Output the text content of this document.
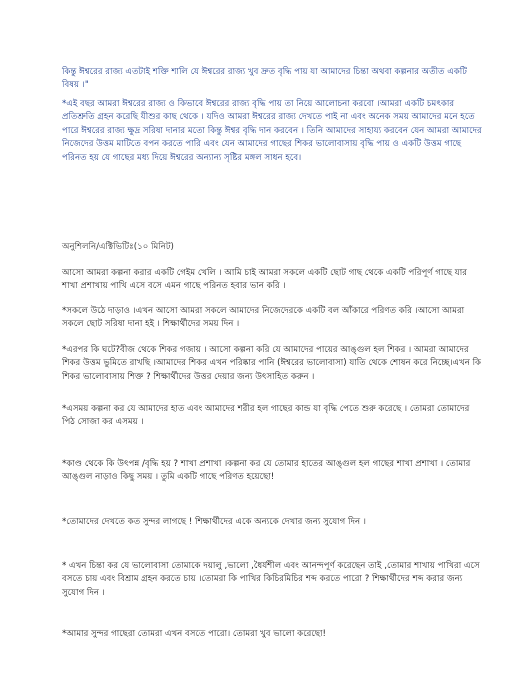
কিন্তু ঈশ্বরের রাজ্য এতটাই শক্তি শালি যে ঈশ্বরের রাজ্য খুব দ্রুত বৃদ্ধি পায় যা আমাদের চিন্তা অথবা কল্পনার অতীত একটি বিষয় ।"

*এই বছর আমরা ঈশ্বরের রাজ্য ও কিভাবে ঈশ্বরের রাজ্য বৃদ্ধি পায় তা নিয়ে আলোচনা করবো ।আমরা একটি চমৎকার প্রতিশ্রুতি গ্রহন করেছি যীশুর কাছ থেকে । যদিও আমরা ঈশ্বরের রাজ্য দেখতে পাই না এবং অনেক সময় আমাদের মনে হতে পারে ঈশ্বরের রাজ্য ক্ষুদ্র সরিষা দানার মতো কিন্তু ঈশ্বর বৃদ্ধি দান করবেন । তিনি আমাদের সাহায্য করবেন যেন আমরা আমাদের নিজেদের উত্তম মাটিতে বপন করতে পারি এবং যেন আমাদের গাছের শিকর ভালোবাসায় বৃদ্ধি পায় ও একটি উত্তম গাছে পরিনত হয় যে গাছের মধ্য দিয়ে ঈশ্বরের অন্যান্য সৃষ্টির মঙ্গল সাধন হবে।

অনুশিলনি/এক্টিভিটিঃ(১০ মিনিট)

আসো আমরা কল্পনা করার একটি গেইম খেলি । আমি চাই আমরা সকলে একটি ছোট গাছ থেকে একটি পরিপূর্ণ গাছে যার শাখা প্রশাখায় পাখি এসে বসে এমন গাছে পরিনত হবার ভান করি ।

*সকলে উঠে দাড়াও ।এখন আসো আমরা সকলে আমাদের নিজেদেরকে একটি বল আঁকারে পরিণত করি ।আসো আমরা সকলে ছোট সরিষা দানা হই । শিক্ষার্থীদের সময় দিন ।

*এরপর কি ঘটে?বীজ থেকে শিকর গজায় । আসো কল্পনা করি যে আমাদের পায়ের আঙ্গুল হল শিকর । আমরা আমাদের শিকর উত্তম ভুমিতে রাখছি ।আমাদের শিকর এখন পরিষ্কার পানি (ঈশ্বরের ভালোবাসা) যাতি থেকে শোষন করে নিচ্ছে।এখন কি শিকর ভালোবাসায় শিক্ত ? শিক্ষার্থীদের উত্তর দেয়ার জন্য উৎসাহিত করুন ।

*এসময় কল্পনা কর যে আমাদের হাত এবং আমাদের শরীর হল গাছের কান্ড যা বৃদ্ধি পেতে শুরু করেছে । তোমরা তোমাদের পিঠ সোজা কর এসময় ।

*কাণ্ড থেকে কি উৎপন্ন /বৃদ্ধি হয় ? শাখা প্রশাখা ।কল্পনা কর যে তোমার হাতের আঙ্গুল হল গাছের শাখা প্রশাখা । তোমার আঙ্গুল নাড়াও কিছু সময় । তুমি একটি গাছে পরিণত হয়েছো!

*তোমাদের দেখতে কত সুন্দর লাগছে ! শিক্ষার্থীদের একে অন্যকে দেখার জন্য সুযোগ দিন ।

* এখন চিন্তা কর যে ভালোবাসা তোমাকে দয়ালু ,ভালো ,ধৈর্যশীল এবং আনন্দপূর্ণ করেছেন তাই ,তোমার শাখায় পাখিরা এসে বসতে চায় এবং বিশ্রাম গ্রহন করতে চায় ।তোমরা কি পাখির কিচিরমিচির শব্দ করতে পারো ? শিক্ষার্থীদের শব্দ করার জন্য সুযোগ দিন ।

*আমার সুন্দর গাছেরা তোমরা এখন বসতে পারো। তোমরা খুব ভালো করেছো!
